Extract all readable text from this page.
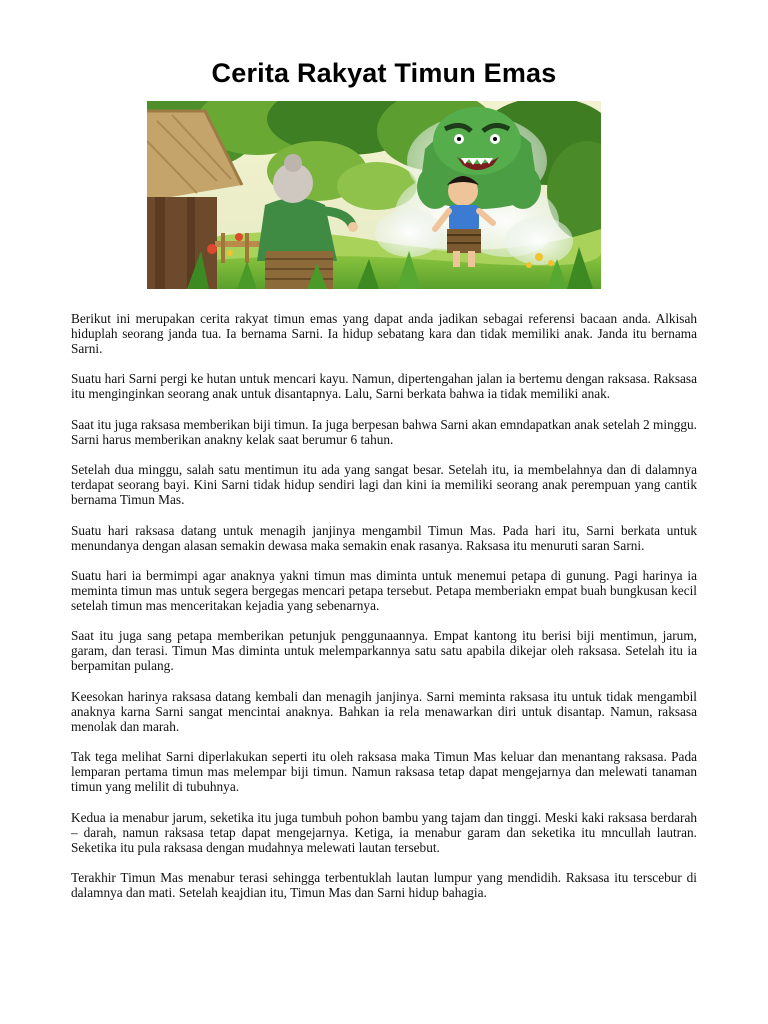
Cerita Rakyat Timun Emas

Berikut ini merupakan cerita rakyat timun emas yang dapat anda jadikan sebagai referensi bacaan anda. Alkisah hiduplah seorang janda tua. Ia bernama Sarni. Ia hidup sebatang kara dan tidak memiliki anak. Janda itu bernama Sarni.

Suatu hari Sarni pergi ke hutan untuk mencari kayu. Namun, dipertengahan jalan ia bertemu dengan raksasa. Raksasa itu menginginkan seorang anak untuk disantapnya. Lalu, Sarni berkata bahwa ia tidak memiliki anak.

Saat itu juga raksasa memberikan biji timun. Ia juga berpesan bahwa Sarni akan emndapatkan anak setelah 2 minggu. Sarni harus memberikan anakny kelak saat berumur 6 tahun.

Setelah dua minggu, salah satu mentimun itu ada yang sangat besar. Setelah itu, ia membelahnya dan di dalamnya terdapat seorang bayi. Kini Sarni tidak hidup sendiri lagi dan kini ia memiliki seorang anak perempuan yang cantik bernama Timun Mas.

Suatu hari raksasa datang untuk menagih janjinya mengambil Timun Mas. Pada hari itu, Sarni berkata untuk menundanya dengan alasan semakin dewasa maka semakin enak rasanya. Raksasa itu menuruti saran Sarni.

Suatu hari ia bermimpi agar anaknya yakni timun mas diminta untuk menemui petapa di gunung. Pagi harinya ia meminta timun mas untuk segera bergegas mencari petapa tersebut. Petapa memberiakn empat buah bungkusan kecil setelah timun mas menceritakan kejadia yang sebenarnya.

Saat itu juga sang petapa memberikan petunjuk penggunaannya. Empat kantong itu berisi biji mentimun, jarum, garam, dan terasi. Timun Mas diminta untuk melemparkannya satu satu apabila dikejar oleh raksasa. Setelah itu ia berpamitan pulang.

Keesokan harinya raksasa datang kembali dan menagih janjinya. Sarni meminta raksasa itu untuk tidak mengambil anaknya karna Sarni sangat mencintai anaknya. Bahkan ia rela menawarkan diri untuk disantap. Namun, raksasa menolak dan marah.

Tak tega melihat Sarni diperlakukan seperti itu oleh raksasa maka Timun Mas keluar dan menantang raksasa. Pada lemparan pertama timun mas melempar biji timun. Namun raksasa tetap dapat mengejarnya dan melewati tanaman timun yang melilit di tubuhnya.

Kedua ia menabur jarum, seketika itu juga tumbuh pohon bambu yang tajam dan tinggi. Meski kaki raksasa berdarah – darah, namun raksasa tetap dapat mengejarnya. Ketiga, ia menabur garam dan seketika itu mncullah lautran. Seketika itu pula raksasa dengan mudahnya melewati lautan tersebut.

Terakhir Timun Mas menabur terasi sehingga terbentuklah lautan lumpur yang mendidih. Raksasa itu terscebur di dalamnya dan mati. Setelah keajdian itu, Timun Mas dan Sarni hidup bahagia.
